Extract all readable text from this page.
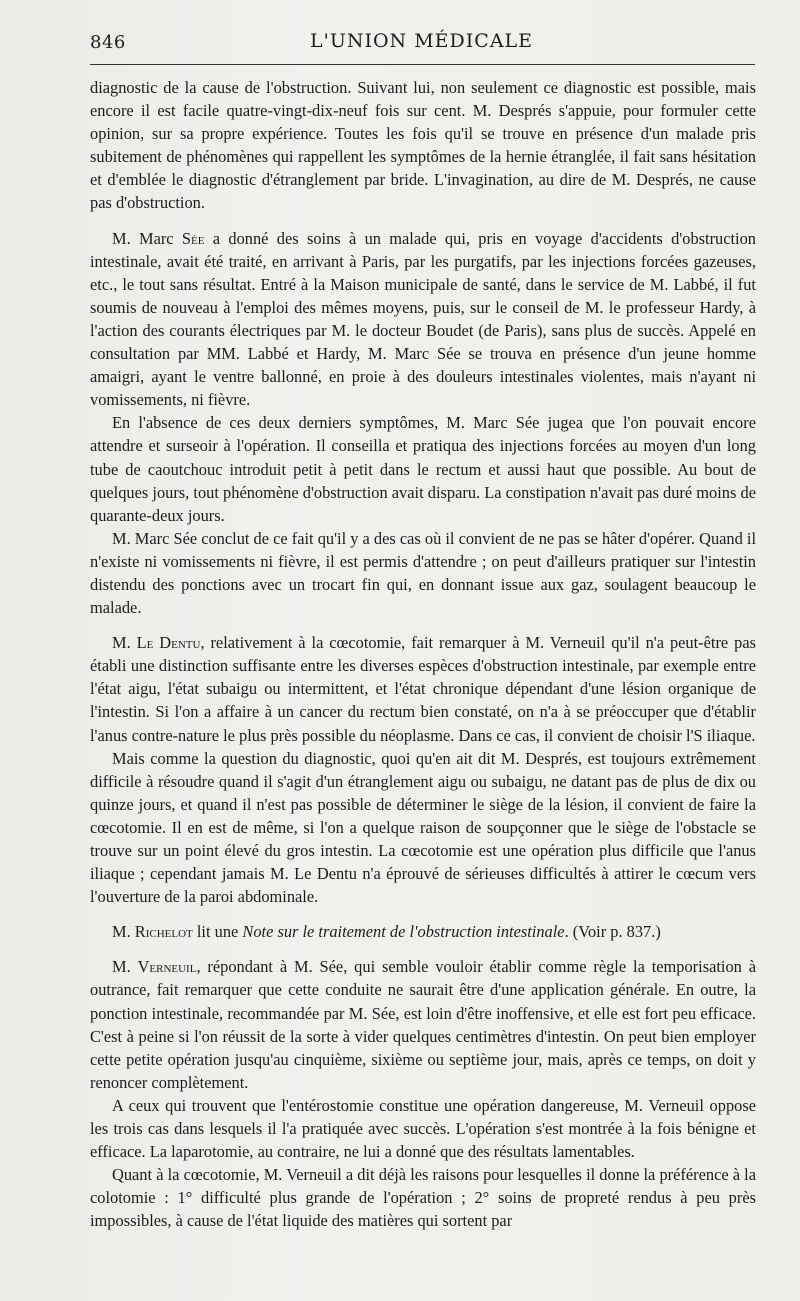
846	L'UNION MÉDICALE

diagnostic de la cause de l'obstruction. Suivant lui, non seulement ce diagnostic est possible, mais encore il est facile quatre-vingt-dix-neuf fois sur cent. M. Després s'appuie, pour formuler cette opinion, sur sa propre expérience. Toutes les fois qu'il se trouve en présence d'un malade pris subitement de phénomènes qui rappellent les symptômes de la hernie étranglée, il fait sans hésitation et d'emblée le diagnostic d'étranglement par bride. L'invagination, au dire de M. Després, ne cause pas d'obstruction.

M. Marc Sée a donné des soins à un malade qui, pris en voyage d'accidents d'obstruction intestinale, avait été traité, en arrivant à Paris, par les purgatifs, par les injections forcées gazeuses, etc., le tout sans résultat. Entré à la Maison municipale de santé, dans le service de M. Labbé, il fut soumis de nouveau à l'emploi des mêmes moyens, puis, sur le conseil de M. le professeur Hardy, à l'action des courants électriques par M. le docteur Boudet (de Paris), sans plus de succès. Appelé en consultation par MM. Labbé et Hardy, M. Marc Sée se trouva en présence d'un jeune homme amaigri, ayant le ventre ballonné, en proie à des douleurs intestinales violentes, mais n'ayant ni vomissements, ni fièvre.

En l'absence de ces deux derniers symptômes, M. Marc Sée jugea que l'on pouvait encore attendre et surseoir à l'opération. Il conseilla et pratiqua des injections forcées au moyen d'un long tube de caoutchouc introduit petit à petit dans le rectum et aussi haut que possible. Au bout de quelques jours, tout phénomène d'obstruction avait disparu. La constipation n'avait pas duré moins de quarante-deux jours.

M. Marc Sée conclut de ce fait qu'il y a des cas où il convient de ne pas se hâter d'opérer. Quand il n'existe ni vomissements ni fièvre, il est permis d'attendre ; on peut d'ailleurs pratiquer sur l'intestin distendu des ponctions avec un trocart fin qui, en donnant issue aux gaz, soulagent beaucoup le malade.

M. Le Dentu, relativement à la cœcotomie, fait remarquer à M. Verneuil qu'il n'a peut-être pas établi une distinction suffisante entre les diverses espèces d'obstruction intestinale, par exemple entre l'état aigu, l'état subaigu ou intermittent, et l'état chronique dépendant d'une lésion organique de l'intestin. Si l'on a affaire à un cancer du rectum bien constaté, on n'a à se préoccuper que d'établir l'anus contre-nature le plus près possible du néoplasme. Dans ce cas, il convient de choisir l'S iliaque.

Mais comme la question du diagnostic, quoi qu'en ait dit M. Després, est toujours extrêmement difficile à résoudre quand il s'agit d'un étranglement aigu ou subaigu, ne datant pas de plus de dix ou quinze jours, et quand il n'est pas possible de déterminer le siège de la lésion, il convient de faire la cœcotomie. Il en est de même, si l'on a quelque raison de soupçonner que le siège de l'obstacle se trouve sur un point élevé du gros intestin. La cœcotomie est une opération plus difficile que l'anus iliaque ; cependant jamais M. Le Dentu n'a éprouvé de sérieuses difficultés à attirer le cœcum vers l'ouverture de la paroi abdominale.

M. Richelot lit une Note sur le traitement de l'obstruction intestinale. (Voir p. 837.)

M. Verneuil, répondant à M. Sée, qui semble vouloir établir comme règle la temporisation à outrance, fait remarquer que cette conduite ne saurait être d'une application générale. En outre, la ponction intestinale, recommandée par M. Sée, est loin d'être inoffensive, et elle est fort peu efficace. C'est à peine si l'on réussit de la sorte à vider quelques centimètres d'intestin. On peut bien employer cette petite opération jusqu'au cinquième, sixième ou septième jour, mais, après ce temps, on doit y renoncer complètement.

A ceux qui trouvent que l'entérostomie constitue une opération dangereuse, M. Verneuil oppose les trois cas dans lesquels il l'a pratiquée avec succès. L'opération s'est montrée à la fois bénigne et efficace. La laparotomie, au contraire, ne lui a donné que des résultats lamentables.

Quant à la cœcotomie, M. Verneuil a dit déjà les raisons pour lesquelles il donne la préférence à la colotomie : 1° difficulté plus grande de l'opération ; 2° soins de propreté rendus à peu près impossibles, à cause de l'état liquide des matières qui sortent par
